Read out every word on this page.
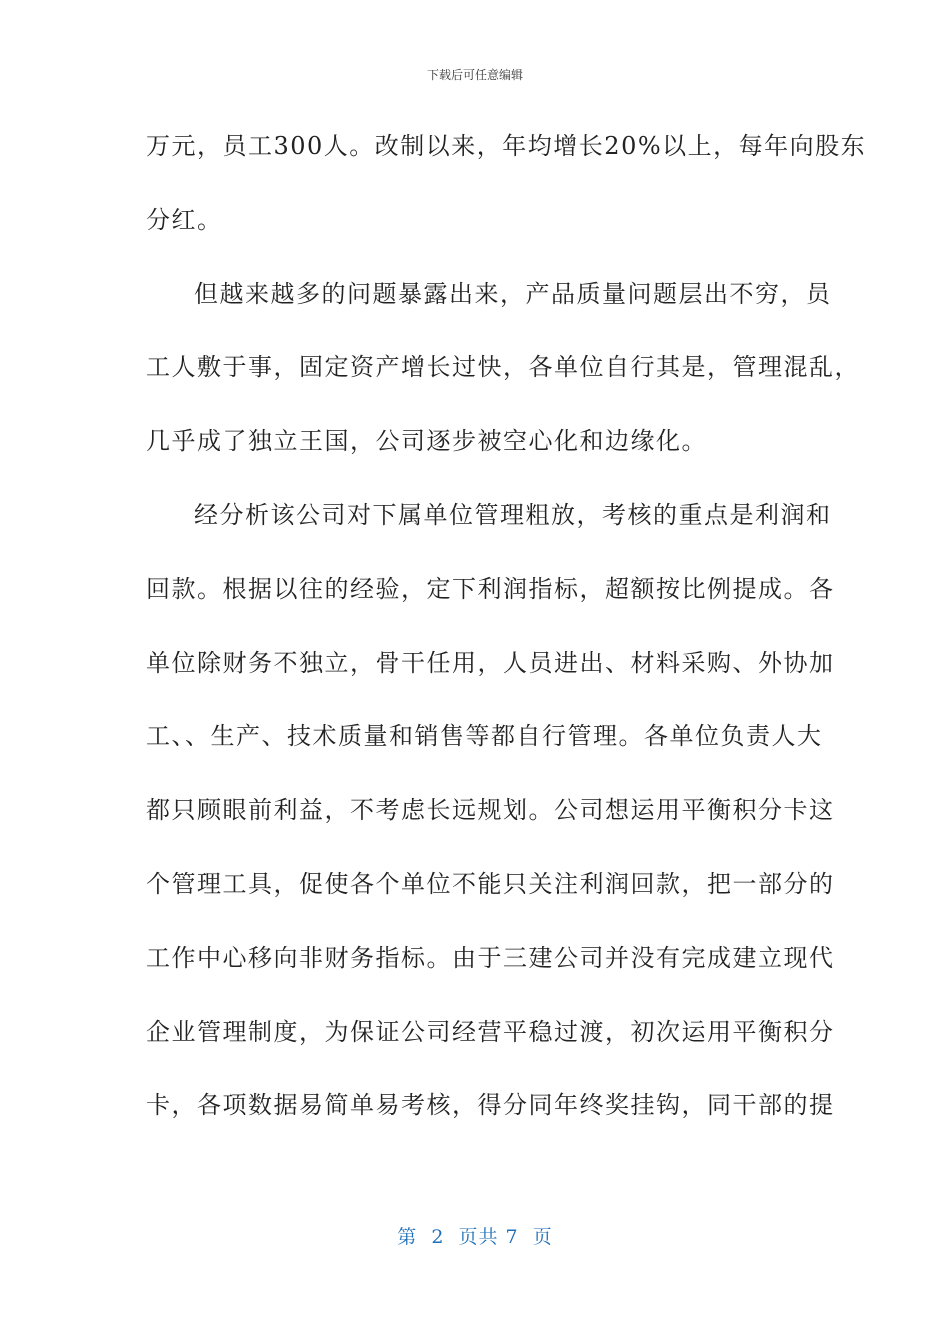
下载后可任意编辑
万元，员工300人。改制以来，年均增长20%以上，每年向股东
分红。
但越来越多的问题暴露出来，产品质量问题层出不穷，员
工人敷于事，固定资产增长过快，各单位自行其是，管理混乱，
几乎成了独立王国，公司逐步被空心化和边缘化。
经分析该公司对下属单位管理粗放，考核的重点是利润和
回款。根据以往的经验，定下利润指标，超额按比例提成。各
单位除财务不独立，骨干任用，人员进出、材料采购、外协加
工、、生产、技术质量和销售等都自行管理。各单位负责人大
都只顾眼前利益，不考虑长远规划。公司想运用平衡积分卡这
个管理工具，促使各个单位不能只关注利润回款，把一部分的
工作中心移向非财务指标。由于三建公司并没有完成建立现代
企业管理制度，为保证公司经营平稳过渡，初次运用平衡积分
卡，各项数据易简单易考核，得分同年终奖挂钩，同干部的提
第  2  页共 7  页
